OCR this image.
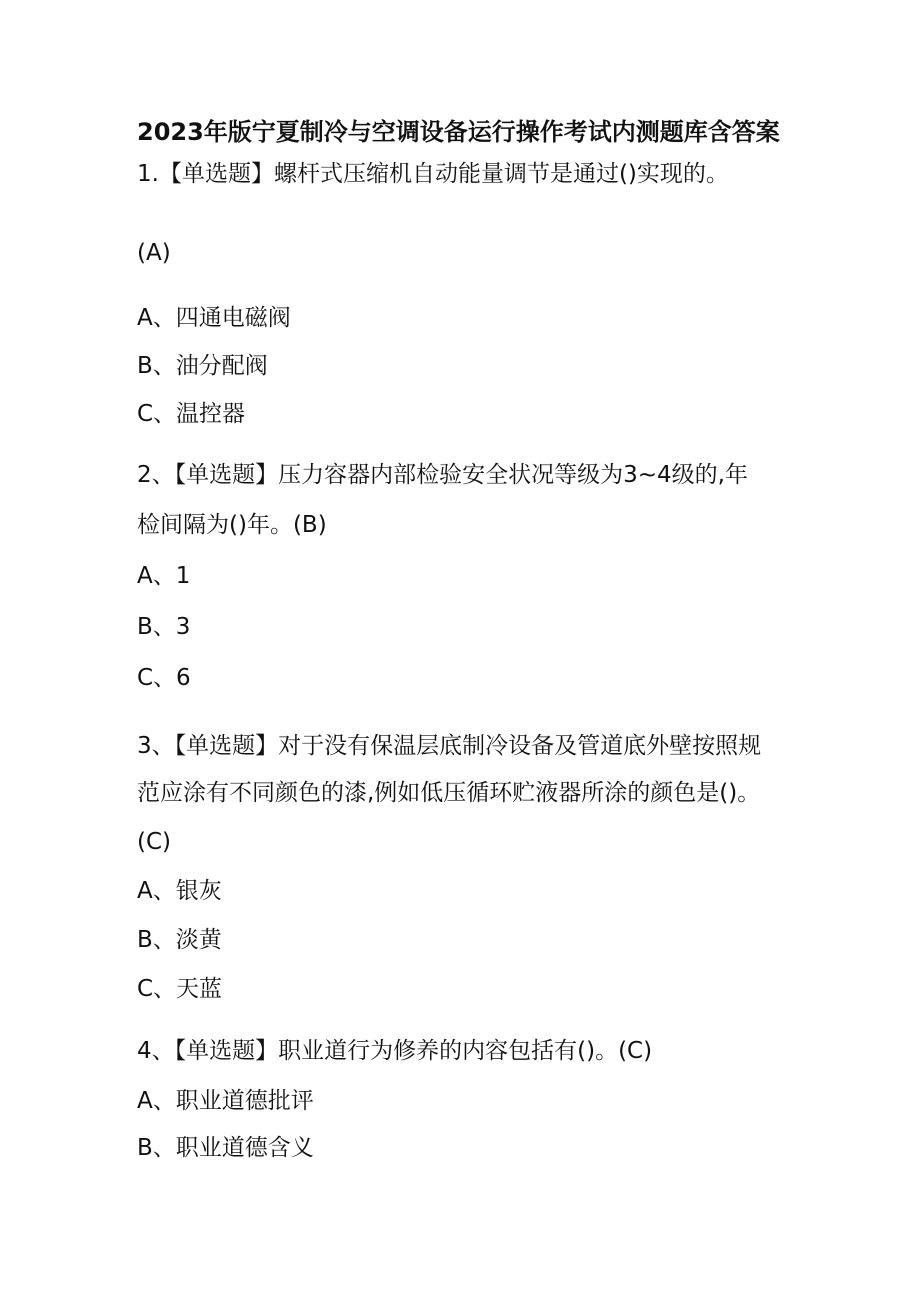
2023年版宁夏制冷与空调设备运行操作考试内测题库含答案
1.【单选题】螺杆式压缩机自动能量调节是通过()实现的。
(A)
A、四通电磁阀
B、油分配阀
C、温控器
2、【单选题】压力容器内部检验安全状况等级为3~4级的,年
检间隔为()年。(B)
A、1
B、3
C、6
3、【单选题】对于没有保温层底制冷设备及管道底外壁按照规
范应涂有不同颜色的漆,例如低压循环贮液器所涂的颜色是()。
(C)
A、银灰
B、淡黄
C、天蓝
4、【单选题】职业道行为修养的内容包括有()。(C)
A、职业道德批评
B、职业道德含义
